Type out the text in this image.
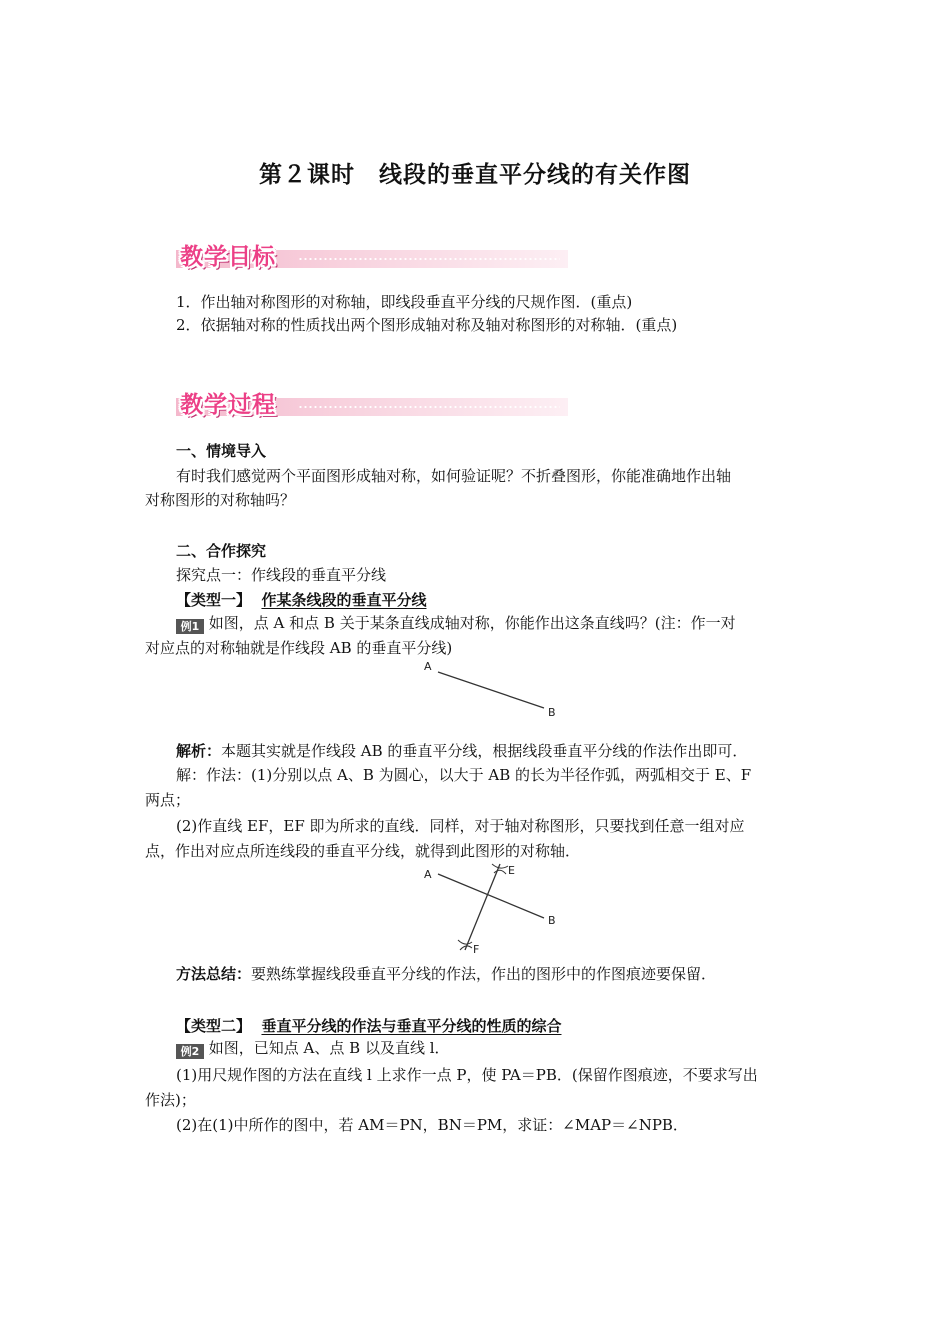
第２课时　线段的垂直平分线的有关作图
教学目标
1．作出轴对称图形的对称轴，即线段垂直平分线的尺规作图．(重点)
2．依据轴对称的性质找出两个图形成轴对称及轴对称图形的对称轴．(重点)
教学过程
一、情境导入
有时我们感觉两个平面图形成轴对称，如何验证呢？不折叠图形，你能准确地作出轴
对称图形的对称轴吗？
二、合作探究
探究点一：作线段的垂直平分线
【类型一】 作某条线段的垂直平分线
例1 如图，点 A 和点 B 关于某条直线成轴对称，你能作出这条直线吗？(注：作一对
对应点的对称轴就是作线段 AB 的垂直平分线)
A
B
解析：本题其实就是作线段 AB 的垂直平分线，根据线段垂直平分线的作法作出即可．
解：作法：(1)分别以点 A、B 为圆心，以大于 AB 的长为半径作弧，两弧相交于 E、F
两点；
(2)作直线 EF，EF 即为所求的直线．同样，对于轴对称图形，只要找到任意一组对应
点，作出对应点所连线段的垂直平分线，就得到此图形的对称轴．
A
B
E
F
方法总结：要熟练掌握线段垂直平分线的作法，作出的图形中的作图痕迹要保留．
【类型二】 垂直平分线的作法与垂直平分线的性质的综合
例2 如图，已知点 A、点 B 以及直线 l．
(1)用尺规作图的方法在直线 l 上求作一点 P，使 PA＝PB．(保留作图痕迹，不要求写出
作法)；
(2)在(1)中所作的图中，若 AM＝PN，BN＝PM，求证：∠MAP＝∠NPB．
